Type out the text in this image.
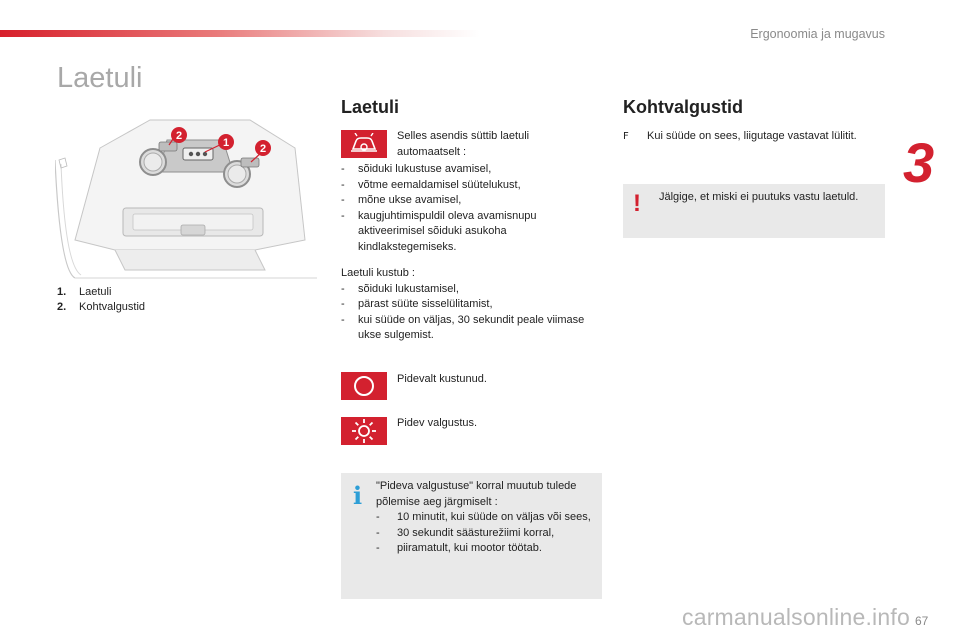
Ergonoomia ja mugavus
Laetuli
2
1	2
1.	Laetuli
2.	Kohtvalgustid
Laetuli
Selles asendis süttib laetuli automaatselt :
- sõiduki lukustuse avamisel,
- võtme eemaldamisel süütelukust,
- mõne ukse avamisel,
- kaugjuhtimispuldil oleva avamisnupu aktiveerimisel sõiduki asukoha kindlakstegemiseks.
Laetuli kustub :
- sõiduki lukustamisel,
- pärast süüte sisselülitamist,
- kui süüde on väljas, 30 sekundit peale viimase ukse sulgemist.
Pidevalt kustunud.
Pidev valgustus.
i "Pideva valgustuse" korral muutub tulede põlemise aeg järgmiselt :
- 10 minutit, kui süüde on väljas või sees,
- 30 sekundit säästurežiimi korral,
- piiramatult, kui mootor töötab.
Kohtvalgustid
F	Kui süüde on sees, liigutage vastavat lülitit.
! Jälgige, et miski ei puutuks vastu laetuld.
3
carmanualsonline.info 67
